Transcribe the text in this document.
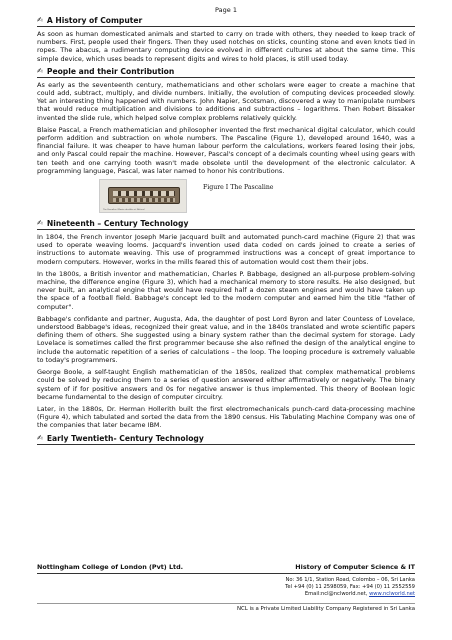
Page 1
✍ A History of Computer

As soon as human domesticated animals and started to carry on trade with others, they needed to keep track of numbers. First, people used their fingers. Then they used notches on sticks, counting stone and even knots tied in ropes. The abacus, a rudimentary computing device evolved in different cultures at about the same time. This simple device, which uses beads to represent digits and wires to hold places, is still used today.

✍ People and their Contribution

As early as the seventeenth century, mathematicians and other scholars were eager to create a machine that could add, subtract, multiply, and divide numbers. Initially, the evolution of computing devices proceeded slowly. Yet an interesting thing happened with numbers. John Napier, Scotsman, discovered a way to manipulate numbers that would reduce multiplication and divisions to additions and subtractions – logarithms. Then Robert Bissaker invented the slide rule, which helped solve complex problems relatively quickly.

Blaise Pascal, a French mathematician and philosopher invented the first mechanical digital calculator, which could perform addition and subtraction on whole numbers. The Pascaline (Figure 1), developed around 1640, was a financial failure. It was cheaper to have human labour perform the calculations, workers feared losing their jobs, and only Pascal could repair the machine. However, Pascal's concept of a decimals counting wheel using gears with ten teeth and one carrying tooth wasn't made obsolete until the development of the electronic calculator. A programming language, Pascal, was later named to honor his contributions.

The Pascaline (Musée des Arts et Métiers)
Figure I The Pascaline
✍ Nineteenth – Century Technology

In 1804, the French inventor Joseph Marie Jacquard built and automated punch-card machine (Figure 2) that was used to operate weaving looms. Jacquard's invention used data coded on cards joined to create a series of instructions to automate weaving. This use of programmed instructions was a concept of great importance to modern computers. However, works in the mills feared this of automation would cost them their jobs.

In the 1800s, a British inventor and mathematician, Charles P. Babbage, designed an all-purpose problem-solving machine, the difference engine (Figure 3), which had a mechanical memory to store results. He also designed, but never built, an analytical engine that would have required half a dozen steam engines and would have taken up the space of a football field. Babbage's concept led to the modern computer and earned him the title "father of computer".

Babbage's confidante and partner, Augusta, Ada, the daughter of post Lord Byron and later Countess of Lovelace, understood Babbage's ideas, recognized their great value, and in the 1840s translated and wrote scientific papers defining them of others. She suggested using a binary system rather than the decimal system for storage. Lady Lovelace is sometimes called the first programmer because she also refined the design of the analytical engine to include the automatic repetition of a series of calculations – the loop. The looping procedure is extremely valuable to today's programmers.

George Boole, a self-taught English mathematician of the 1850s, realized that complex mathematical problems could be solved by reducing them to a series of question answered either affirmatively or negatively. The binary system of if for positive answers and 0s for negative answer is thus implemented. This theory of Boolean logic became fundamental to the design of computer circuitry.

Later, in the 1880s, Dr. Herman Hollerith built the first electromechanicals punch-card data-processing machine (Figure 4), which tabulated and sorted the data from the 1890 census. His Tabulating Machine Company was one of the companies that later became IBM.

✍ Early Twentieth- Century Technology
Nottingham College of London (Pvt) Ltd.	History of Computer Science & IT
No: 36 1/1, Station Road, Colombo – 06, Sri Lanka
Tel +94 (0) 11 2598059, Fax: +94 (0) 11 2552559
Email:ncl@nclworld.net, www.nclworld.net
NCL is a Private Limited Liability Company Registered in Sri Lanka
